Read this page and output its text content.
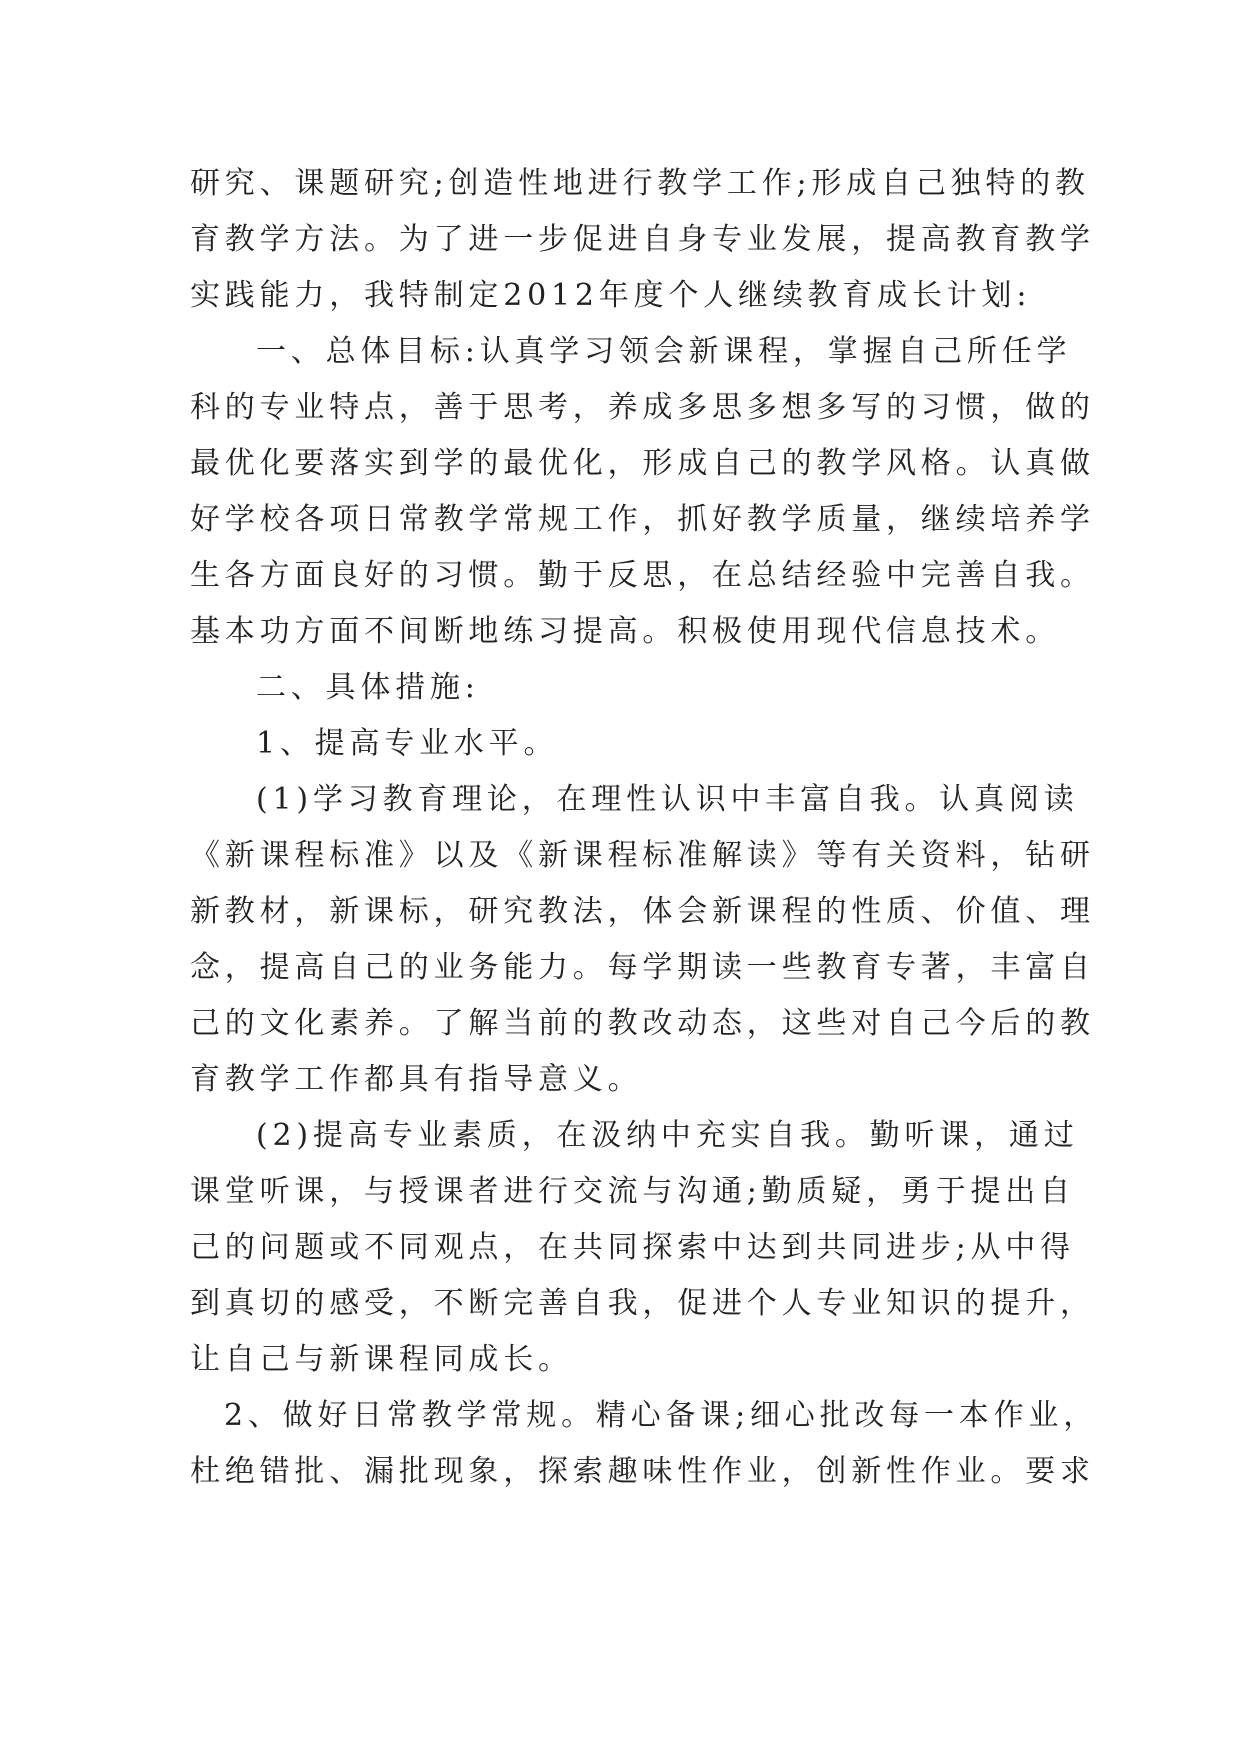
研究、课题研究;创造性地进行教学工作;形成自己独特的教
育教学方法。为了进一步促进自身专业发展，提高教育教学
实践能力，我特制定2012年度个人继续教育成长计划:
一、总体目标:认真学习领会新课程，掌握自己所任学
科的专业特点，善于思考，养成多思多想多写的习惯，做的
最优化要落实到学的最优化，形成自己的教学风格。认真做
好学校各项日常教学常规工作，抓好教学质量，继续培养学
生各方面良好的习惯。勤于反思，在总结经验中完善自我。
基本功方面不间断地练习提高。积极使用现代信息技术。
二、具体措施:
1、提高专业水平。
(1)学习教育理论，在理性认识中丰富自我。认真阅读
《新课程标准》以及《新课程标准解读》等有关资料，钻研
新教材，新课标，研究教法，体会新课程的性质、价值、理
念，提高自己的业务能力。每学期读一些教育专著，丰富自
己的文化素养。了解当前的教改动态，这些对自己今后的教
育教学工作都具有指导意义。
(2)提高专业素质，在汲纳中充实自我。勤听课，通过
课堂听课，与授课者进行交流与沟通;勤质疑，勇于提出自
己的问题或不同观点，在共同探索中达到共同进步;从中得
到真切的感受，不断完善自我，促进个人专业知识的提升，
让自己与新课程同成长。
2、做好日常教学常规。精心备课;细心批改每一本作业，
杜绝错批、漏批现象，探索趣味性作业，创新性作业。要求
